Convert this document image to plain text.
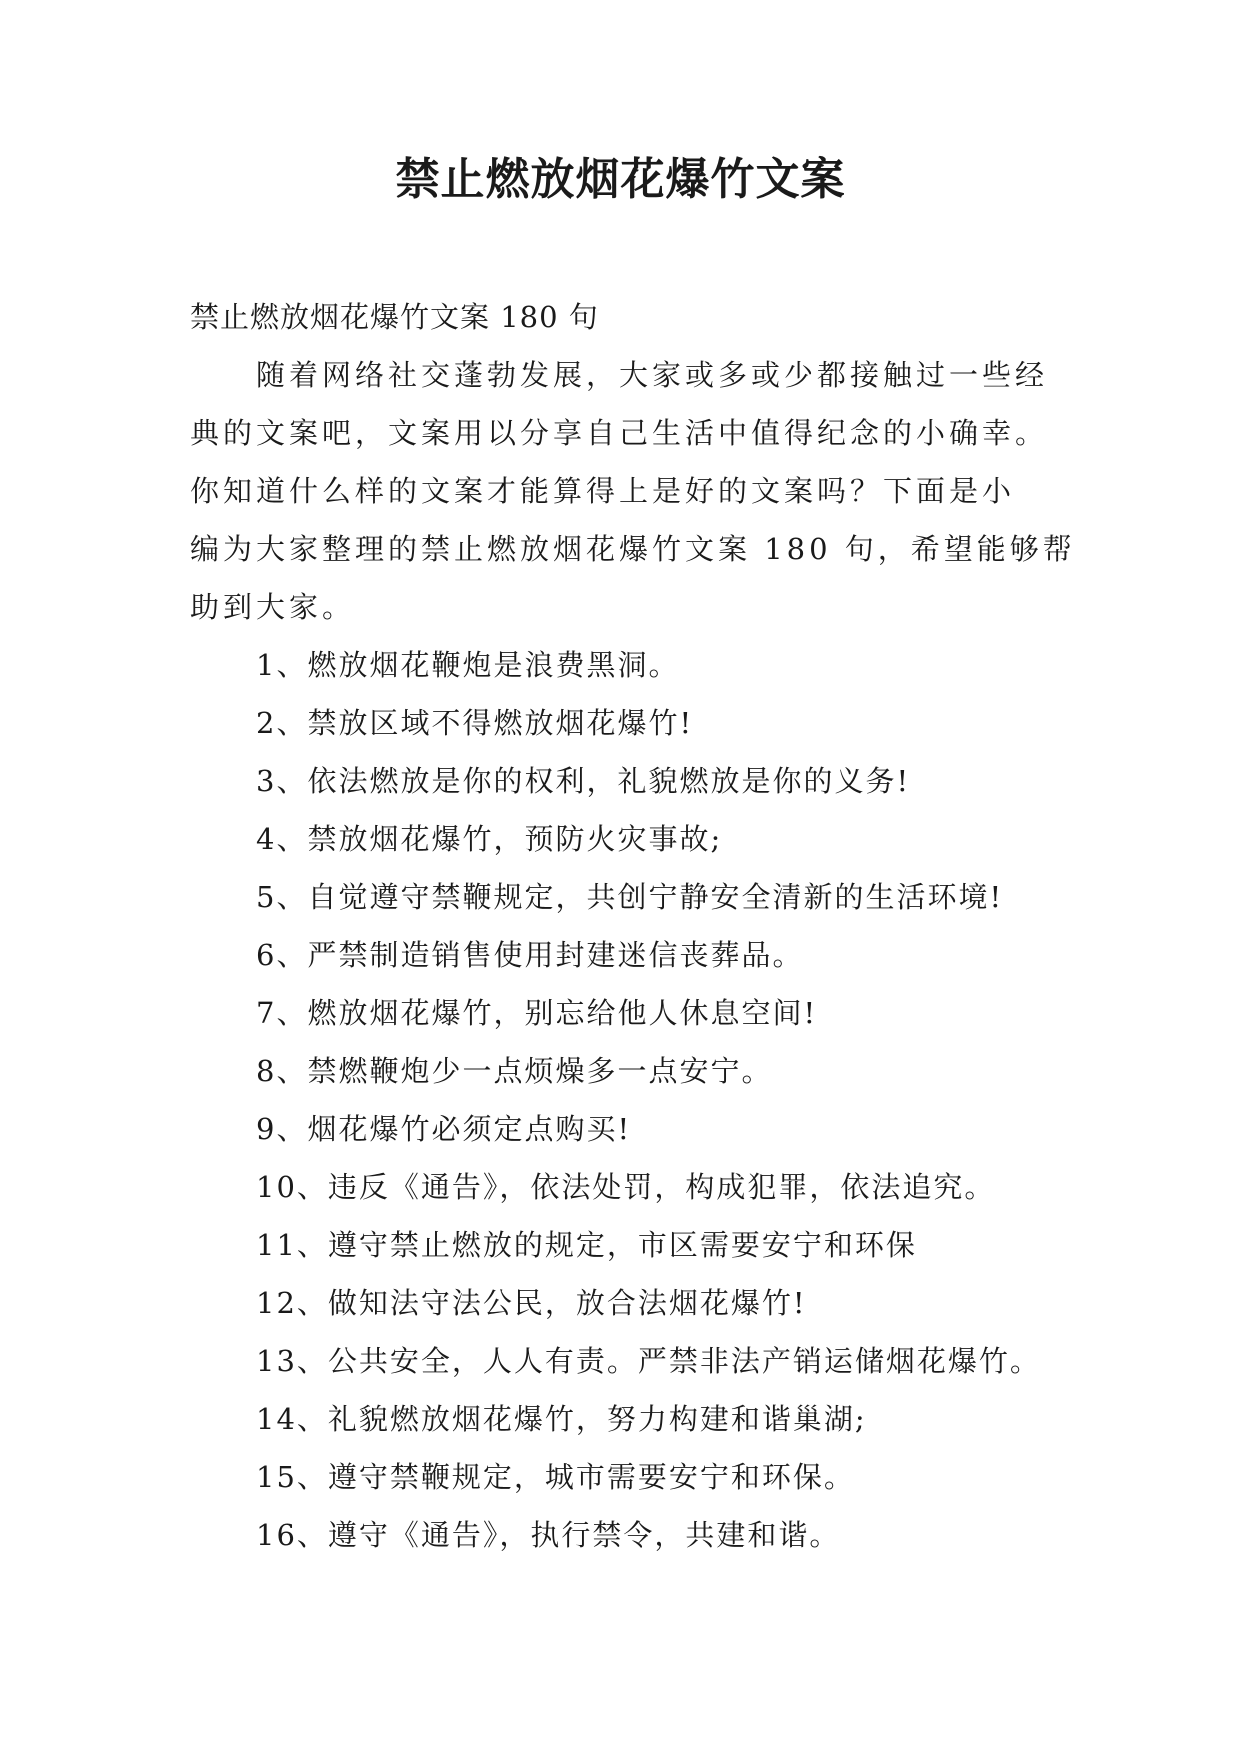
禁止燃放烟花爆竹文案

禁止燃放烟花爆竹文案 180 句

随着网络社交蓬勃发展，大家或多或少都接触过一些经
典的文案吧，文案用以分享自己生活中值得纪念的小确幸。
你知道什么样的文案才能算得上是好的文案吗？下面是小
编为大家整理的禁止燃放烟花爆竹文案 180 句，希望能够帮
助到大家。

1、燃放烟花鞭炮是浪费黑洞。
2、禁放区域不得燃放烟花爆竹!
3、依法燃放是你的权利，礼貌燃放是你的义务!
4、禁放烟花爆竹，预防火灾事故;
5、自觉遵守禁鞭规定，共创宁静安全清新的生活环境!
6、严禁制造销售使用封建迷信丧葬品。
7、燃放烟花爆竹，别忘给他人休息空间!
8、禁燃鞭炮少一点烦燥多一点安宁。
9、烟花爆竹必须定点购买!
10、违反《通告》，依法处罚，构成犯罪，依法追究。
11、遵守禁止燃放的规定，市区需要安宁和环保
12、做知法守法公民，放合法烟花爆竹!
13、公共安全，人人有责。严禁非法产销运储烟花爆竹。
14、礼貌燃放烟花爆竹，努力构建和谐巢湖;
15、遵守禁鞭规定，城市需要安宁和环保。
16、遵守《通告》，执行禁令，共建和谐。
